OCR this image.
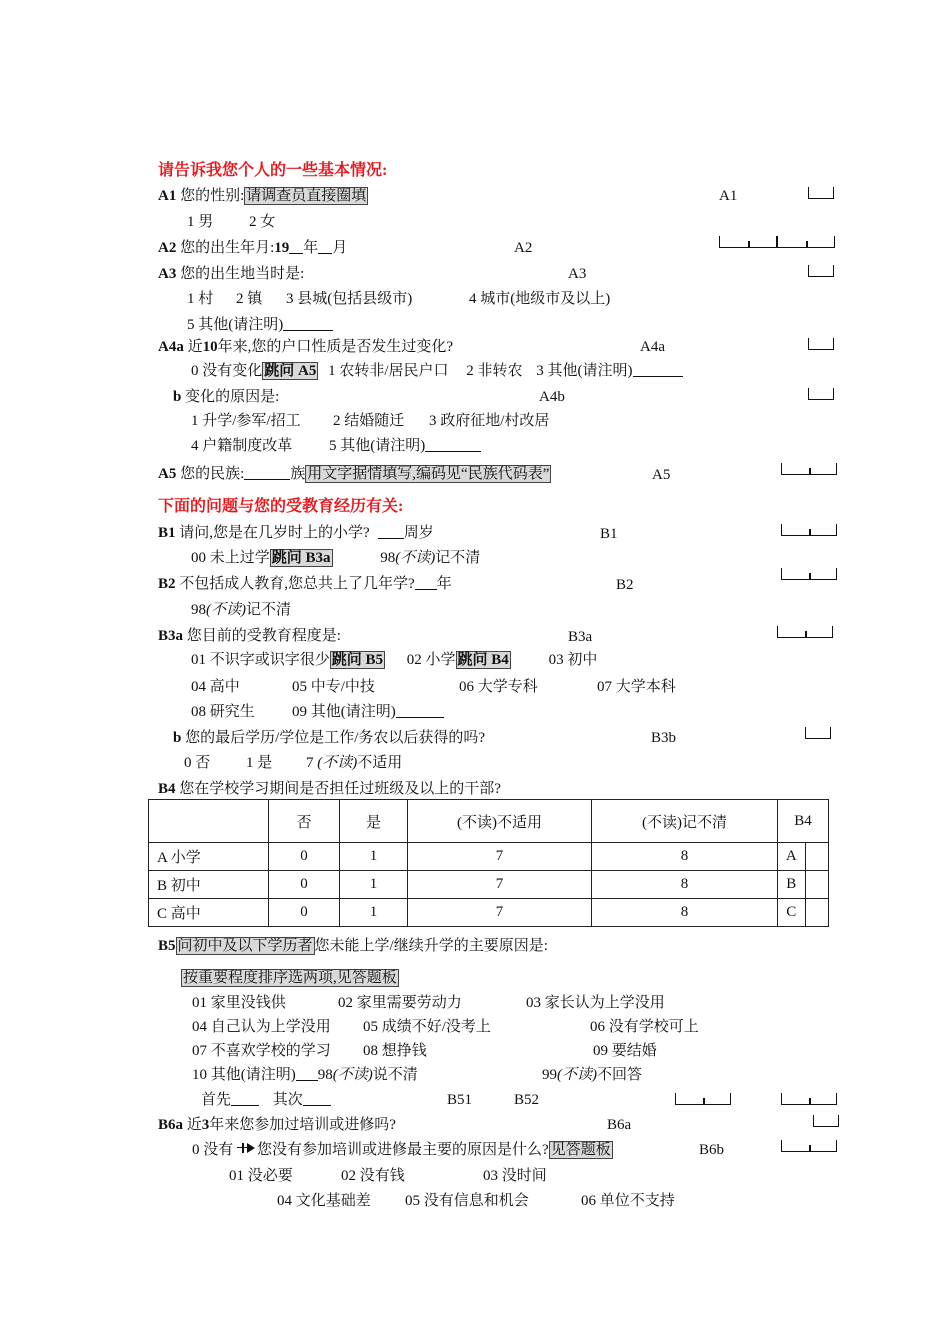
请告诉我您个人的一些基本情况:
A1 您的性别: 请调查员直接圈填	A1
1 男 2 女
A2 您的出生年月:19 年 月	A2
A3 您的出生地当时是:	A3
1 村 2 镇 3 县城(包括县级市)	4 城市(地级市及以上)
5 其他(请注明)
A4a 近10年来,您的户口性质是否发生过变化?	A4a
0 没有变化 跳问 A5 1 农转非/居民户口 2 非转农 3 其他(请注明)
b 变化的原因是:	A4b
1 升学/参军/招工 2 结婚随迁 3 政府征地/村改居
4 户籍制度改革 5 其他(请注明)
A5 您的民族:	族 用文字据情填写,编码见“民族代码表”	A5
下面的问题与您的受教育经历有关:
B1 请问,您是在几岁时上的小学? 周岁	B1
00 未上过学 跳问 B3a	98(不读)记不清
B2 不包括成人教育,您总共上了几年学? 年	B2
98(不读)记不清
B3a 您目前的受教育程度是:	B3a
01 不识字或识字很少 跳问 B5 02 小学 跳问 B4	03 初中
04 高中	05 中专/中技	06 大学专科	07 大学本科
08 研究生 09 其他(请注明)
b 您的最后学历/学位是工作/务农以后获得的吗?	B3b
0 否 1 是 7 (不读)不适用
B4 您在学校学习期间是否担任过班级及以上的干部?
	否	是	(不读)不适用	(不读)记不清	B4	
A 小学	0	1	7	8	A	
B 初中	0	1	7	8	B	
C 高中	0	1	7	8	C	
B5 问初中及以下学历者 您未能上学/继续升学的主要原因是:
按重要程度排序选两项,见答题板
01 家里没钱供	02 家里需要劳动力	03 家长认为上学没用
04 自己认为上学没用 05 成绩不好/没考上	06 没有学校可上
07 不喜欢学校的学习 08 想挣钱	09 要结婚
10 其他(请注明) 98(不读)说不清	99(不读)不回答
首先	其次	B51	B52
B6a 近3年来您参加过培训或进修吗?	B6a
0 没有 您没有参加培训或进修最主要的原因是什么? 见答题板	B6b
01 没必要	02 没有钱	03 没时间
04 文化基础差 05 没有信息和机会	06 单位不支持
